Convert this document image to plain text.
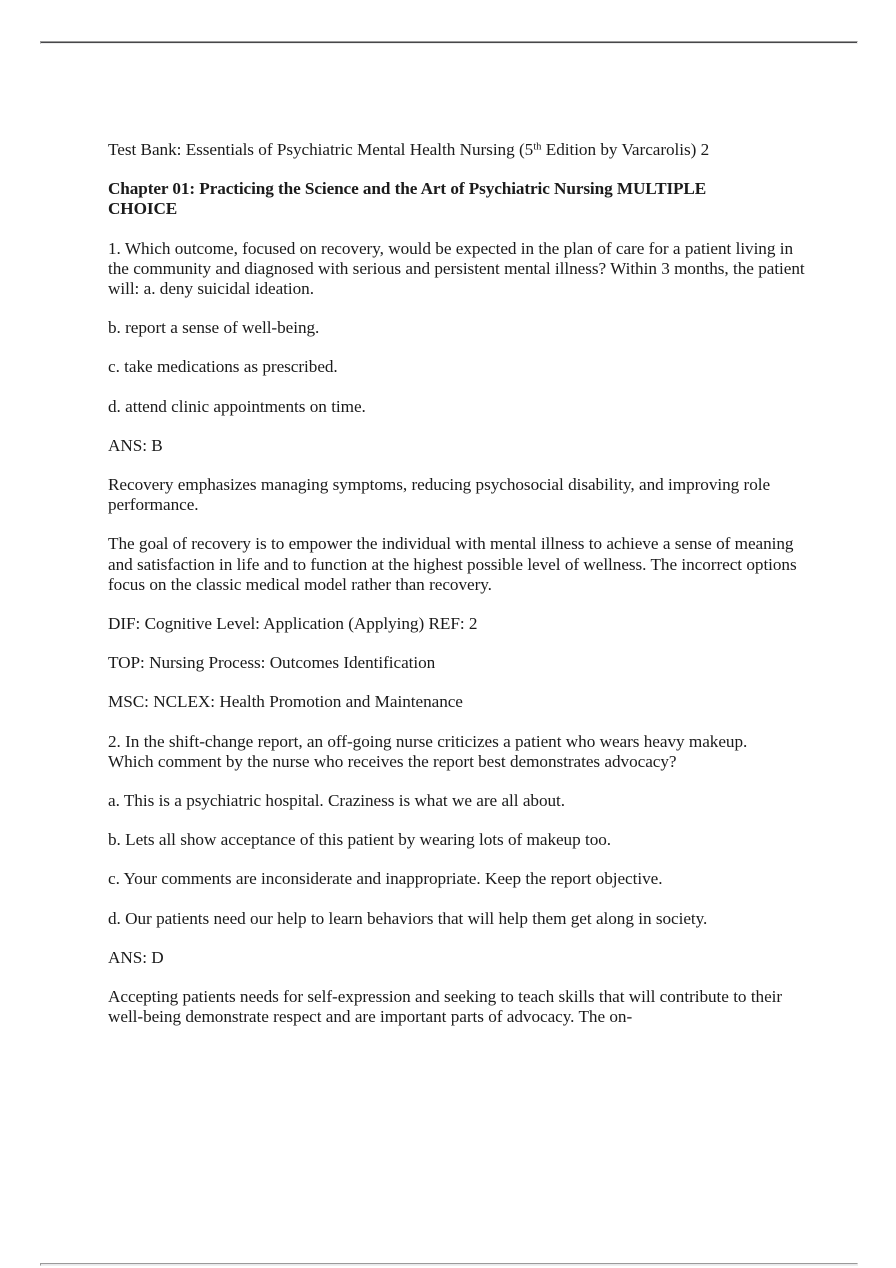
Test Bank: Essentials of Psychiatric Mental Health Nursing (5th Edition by Varcarolis) 2

Chapter 01: Practicing the Science and the Art of Psychiatric Nursing MULTIPLE CHOICE

1. Which outcome, focused on recovery, would be expected in the plan of care for a patient living in the community and diagnosed with serious and persistent mental illness? Within 3 months, the patient will: a. deny suicidal ideation.

b. report a sense of well-being.

c. take medications as prescribed.

d. attend clinic appointments on time.

ANS: B

Recovery emphasizes managing symptoms, reducing psychosocial disability, and improving role performance.

The goal of recovery is to empower the individual with mental illness to achieve a sense of meaning and satisfaction in life and to function at the highest possible level of wellness. The incorrect options focus on the classic medical model rather than recovery.

DIF: Cognitive Level: Application (Applying) REF: 2

TOP: Nursing Process: Outcomes Identification

MSC: NCLEX: Health Promotion and Maintenance

2. In the shift-change report, an off-going nurse criticizes a patient who wears heavy makeup. Which comment by the nurse who receives the report best demonstrates advocacy?

a. This is a psychiatric hospital. Craziness is what we are all about.

b. Lets all show acceptance of this patient by wearing lots of makeup too.

c. Your comments are inconsiderate and inappropriate. Keep the report objective.

d. Our patients need our help to learn behaviors that will help them get along in society.

ANS: D

Accepting patients needs for self-expression and seeking to teach skills that will contribute to their well-being demonstrate respect and are important parts of advocacy. The on-
